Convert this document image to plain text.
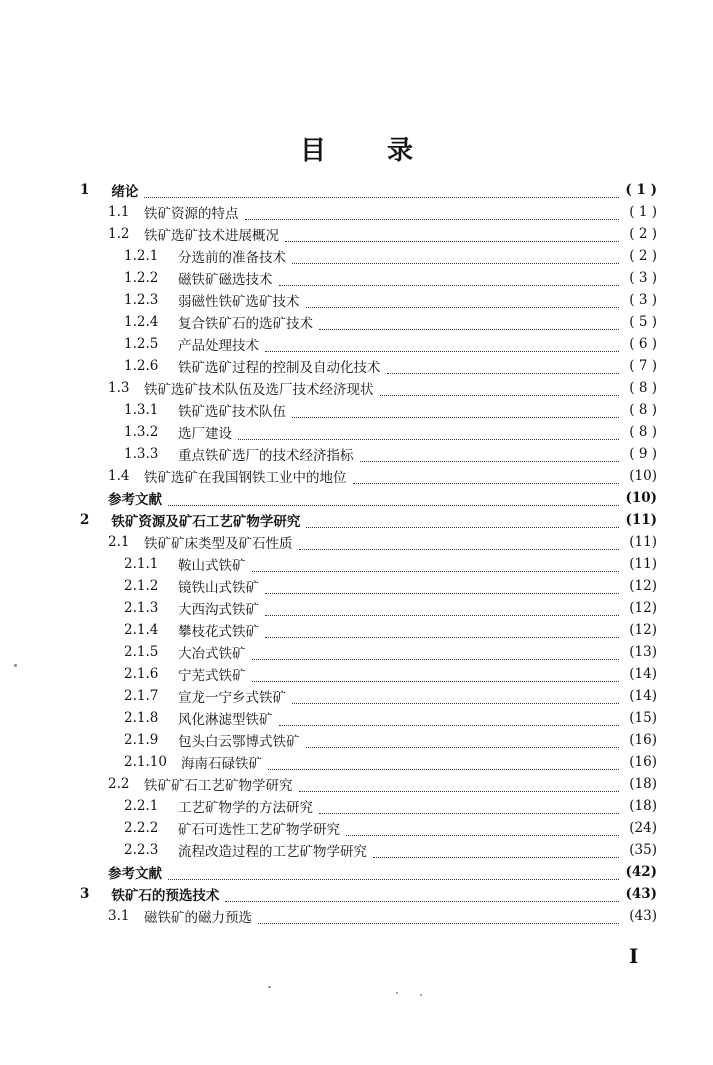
目 录
1 绪论	( 1 )
1.1 铁矿资源的特点	( 1 )
1.2 铁矿选矿技术进展概况	( 2 )
1.2.1	分选前的准备技术	( 2 )
1.2.2	磁铁矿磁选技术	( 3 )
1.2.3	弱磁性铁矿选矿技术	( 3 )
1.2.4	复合铁矿石的选矿技术	( 5 )
1.2.5	产品处理技术	( 6 )
1.2.6	铁矿选矿过程的控制及自动化技术	( 7 )
1.3 铁矿选矿技术队伍及选厂技术经济现状	( 8 )
1.3.1	铁矿选矿技术队伍	( 8 )
1.3.2	选厂建设	( 8 )
1.3.3	重点铁矿选厂的技术经济指标	( 9 )
1.4 铁矿选矿在我国钢铁工业中的地位	(10)
参考文献	(10)
2 铁矿资源及矿石工艺矿物学研究	(11)
2.1 铁矿矿床类型及矿石性质	(11)
2.1.1	鞍山式铁矿	(11)
2.1.2	镜铁山式铁矿	(12)
2.1.3	大西沟式铁矿	(12)
2.1.4	攀枝花式铁矿	(12)
2.1.5	大冶式铁矿	(13)
2.1.6	宁芜式铁矿	(14)
2.1.7	宣龙一宁乡式铁矿	(14)
2.1.8	风化淋滤型铁矿	(15)
2.1.9	包头白云鄂博式铁矿	(16)
2.1.10 海南石碌铁矿	(16)
2.2 铁矿矿石工艺矿物学研究	(18)
2.2.1	工艺矿物学的方法研究	(18)
2.2.2	矿石可选性工艺矿物学研究	(24)
2.2.3	流程改造过程的工艺矿物学研究	(35)
参考文献	(42)
3 铁矿石的预选技术	(43)
3.1 磁铁矿的磁力预选	(43)
I
